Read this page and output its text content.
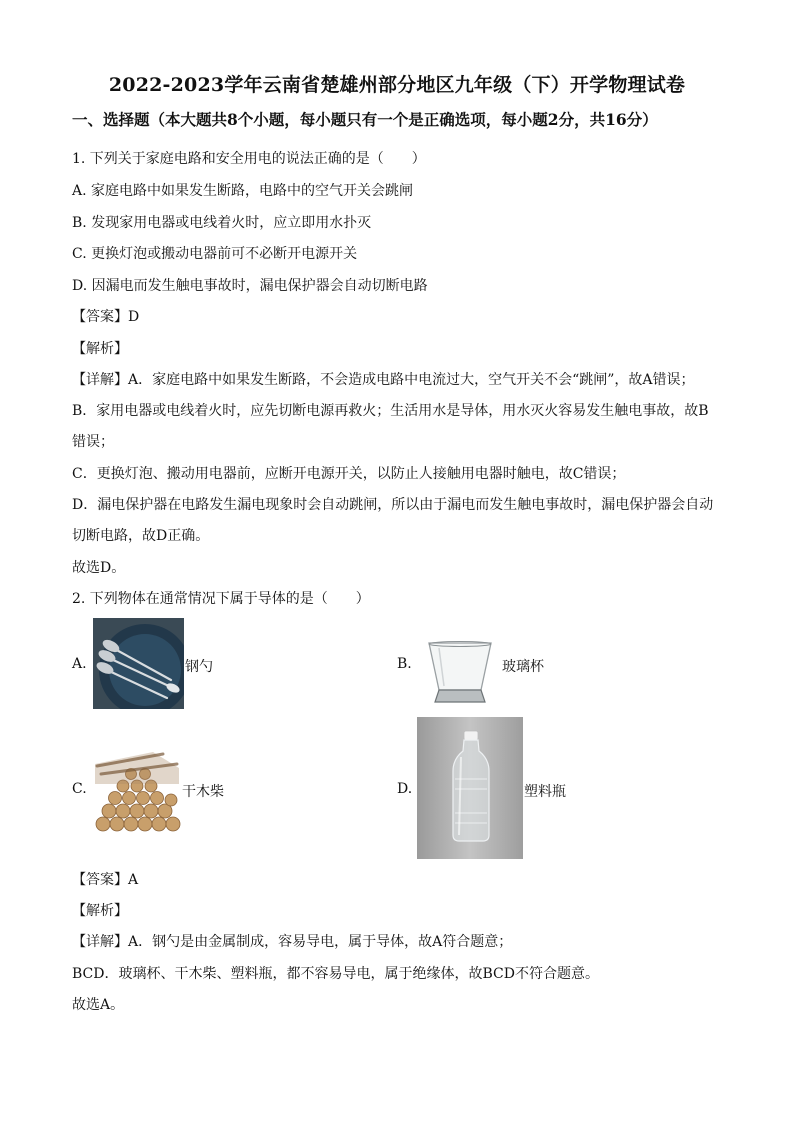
2022-2023学年云南省楚雄州部分地区九年级（下）开学物理试卷
一、选择题（本大题共8个小题，每小题只有一个是正确选项，每小题2分，共16分）
1. 下列关于家庭电路和安全用电的说法正确的是（　　）
A. 家庭电路中如果发生断路，电路中的空气开关会跳闸
B. 发现家用电器或电线着火时，应立即用水扑灭
C. 更换灯泡或搬动电器前可不必断开电源开关
D. 因漏电而发生触电事故时，漏电保护器会自动切断电路
【答案】D
【解析】
【详解】A．家庭电路中如果发生断路，不会造成电路中电流过大，空气开关不会“跳闸”，故A错误；
B．家用电器或电线着火时，应先切断电源再救火；生活用水是导体，用水灭火容易发生触电事故，故B
错误；
C．更换灯泡、搬动用电器前，应断开电源开关，以防止人接触用电器时触电，故C错误；
D．漏电保护器在电路发生漏电现象时会自动跳闸，所以由于漏电而发生触电事故时，漏电保护器会自动
切断电路，故D正确。
故选D。
2. 下列物体在通常情况下属于导体的是（　　）
A.	钢勺	B.	玻璃杯
C.	干木柴	D.	塑料瓶
【答案】A
【解析】
【详解】A．钢勺是由金属制成，容易导电，属于导体，故A符合题意；
BCD．玻璃杯、干木柴、塑料瓶，都不容易导电，属于绝缘体，故BCD不符合题意。
故选A。
